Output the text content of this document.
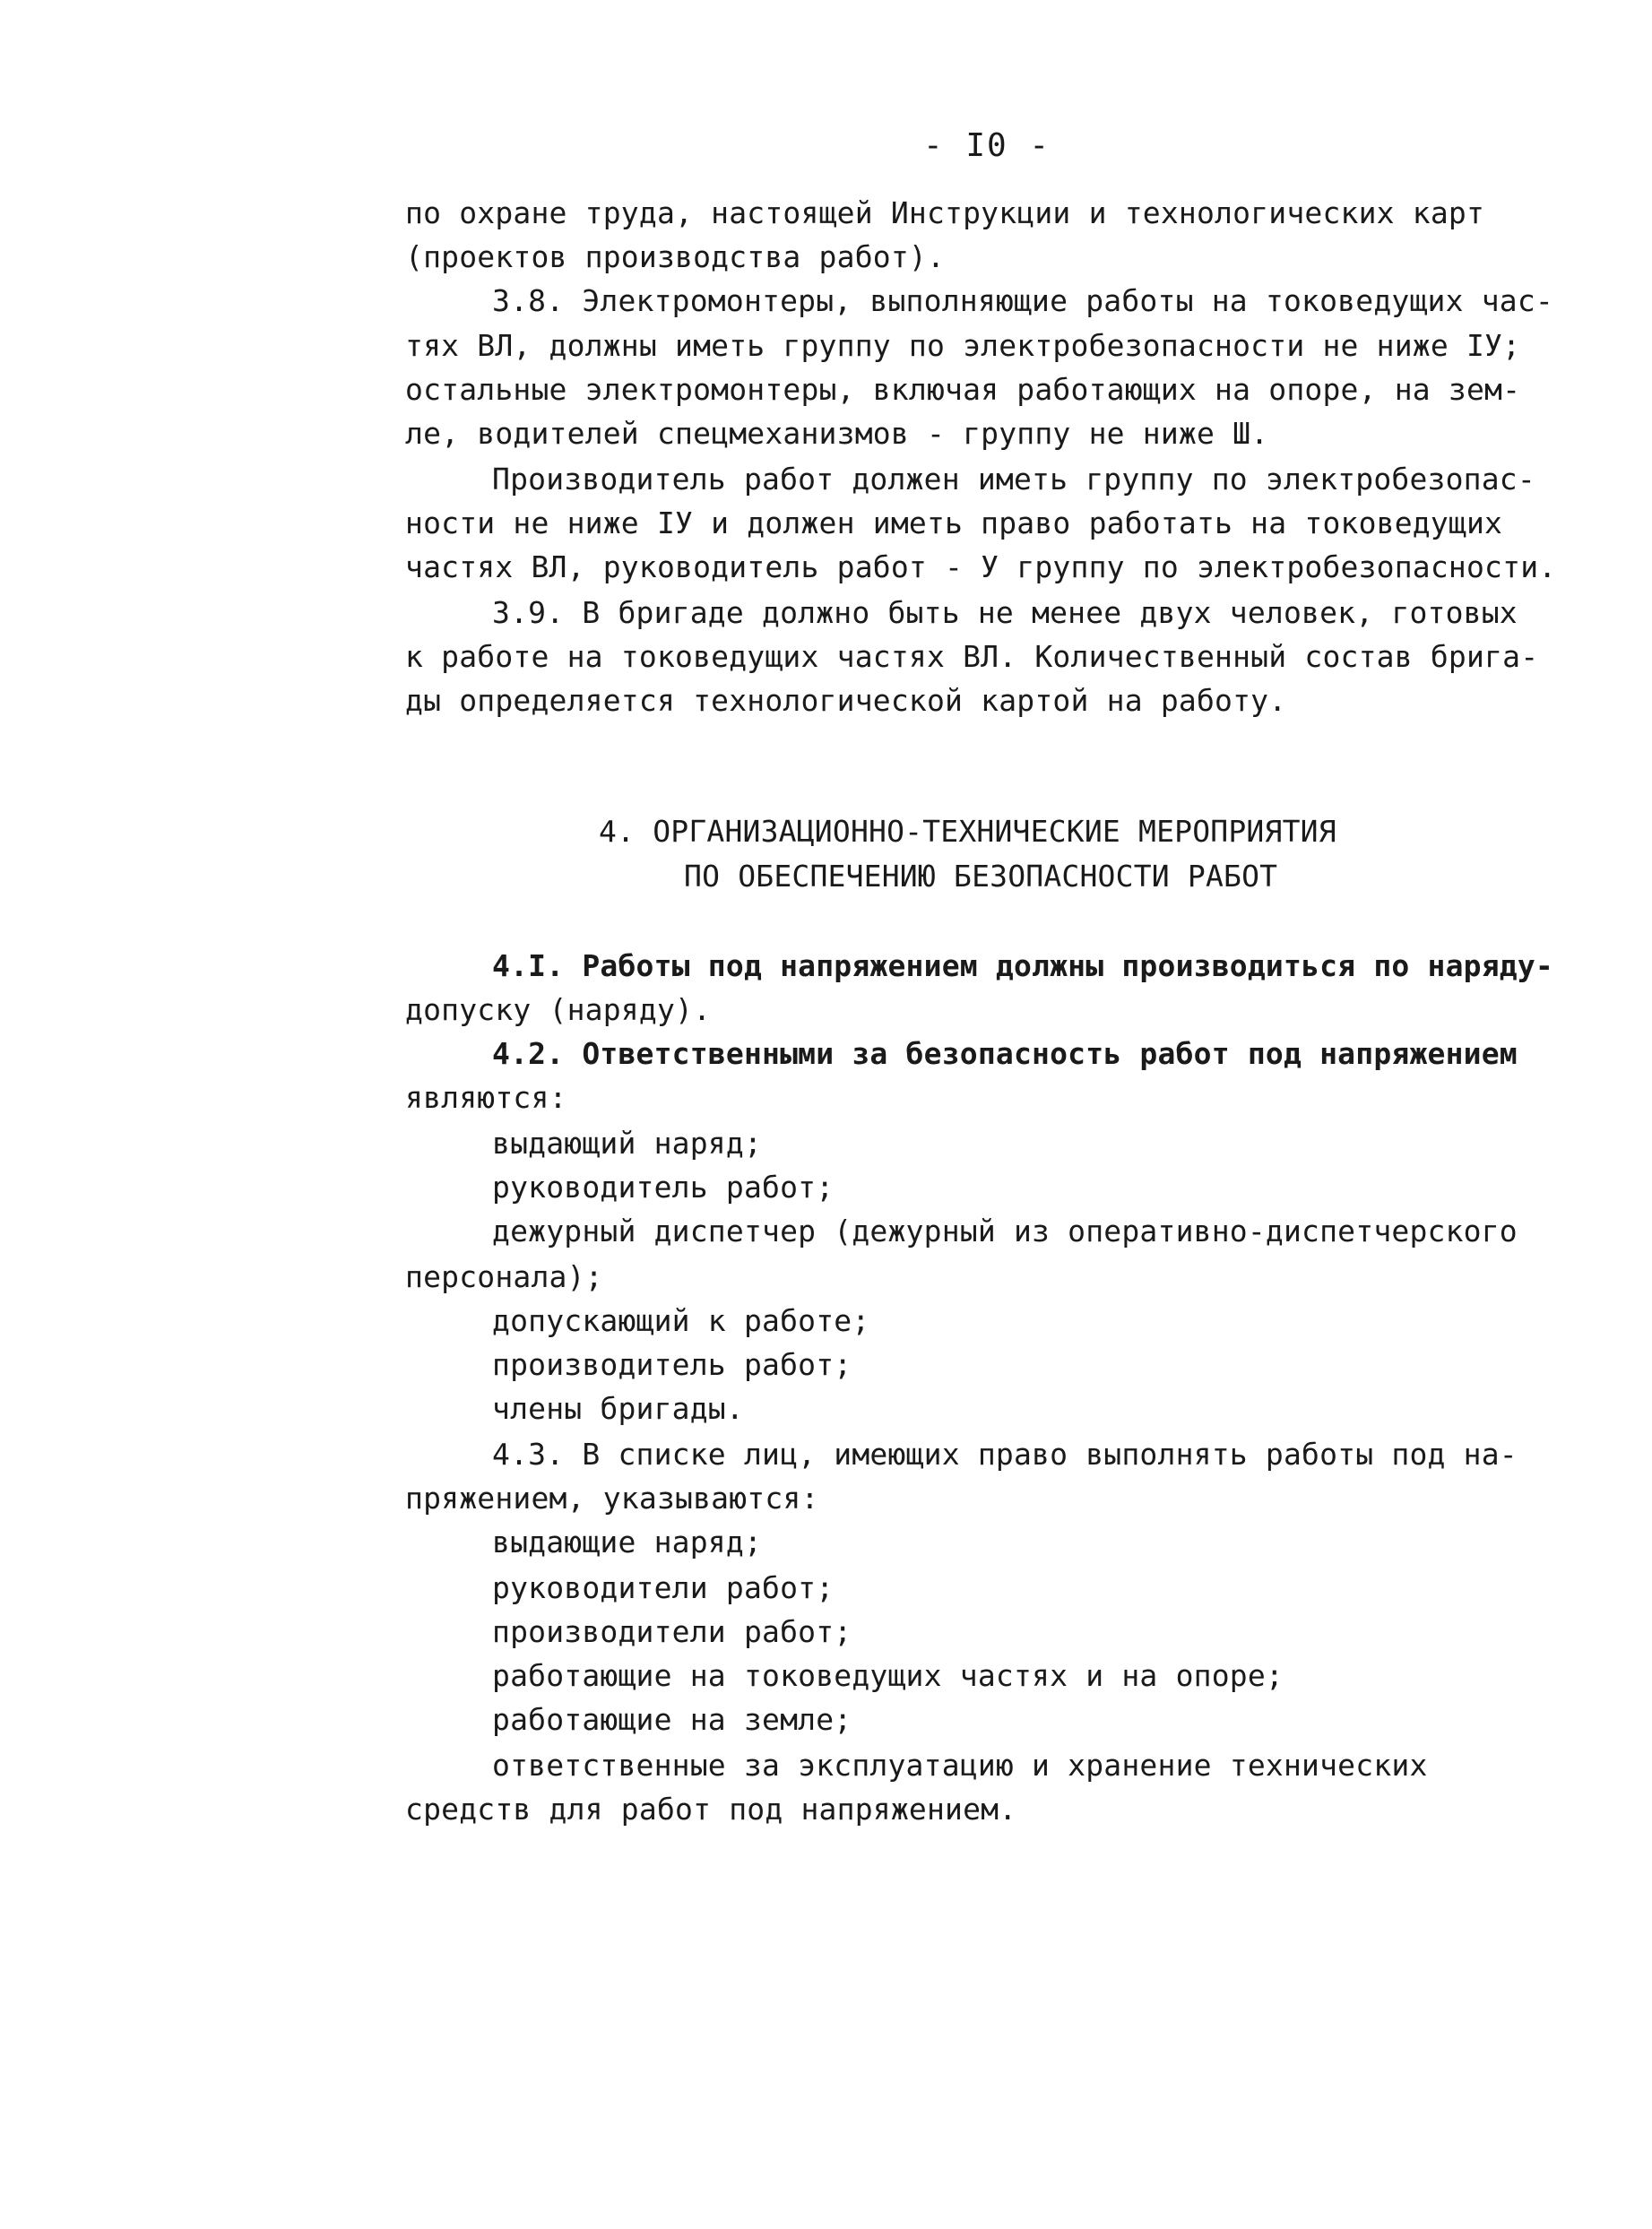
- I0 -
по охране труда, настоящей Инструкции и технологических карт
(проектов производства работ).
3.8. Электромонтеры, выполняющие работы на токоведущих час-
тях ВЛ, должны иметь группу по электробезопасности не ниже IУ;
остальные электромонтеры, включая работающих на опоре, на зем-
ле, водителей спецмеханизмов - группу не ниже Ш.
Производитель работ должен иметь группу по электробезопас-
ности не ниже IУ и должен иметь право работать на токоведущих
частях ВЛ, руководитель работ - У группу по электробезопасности.
3.9. В бригаде должно быть не менее двух человек, готовых
к работе на токоведущих частях ВЛ. Количественный состав брига-
ды определяется технологической картой на работу.
4. ОРГАНИЗАЦИОННО-ТЕХНИЧЕСКИЕ МЕРОПРИЯТИЯ
ПО ОБЕСПЕЧЕНИЮ БЕЗОПАСНОСТИ РАБОТ
4.I. Работы под напряжением должны производиться по наряду-
допуску (наряду).
4.2. Ответственными за безопасность работ под напряжением
являются:
выдающий наряд;
руководитель работ;
дежурный диспетчер (дежурный из оперативно-диспетчерского
персонала);
допускающий к работе;
производитель работ;
члены бригады.
4.3. В списке лиц, имеющих право выполнять работы под на-
пряжением, указываются:
выдающие наряд;
руководители работ;
производители работ;
работающие на токоведущих частях и на опоре;
работающие на земле;
ответственные за эксплуатацию и хранение технических
средств для работ под напряжением.
